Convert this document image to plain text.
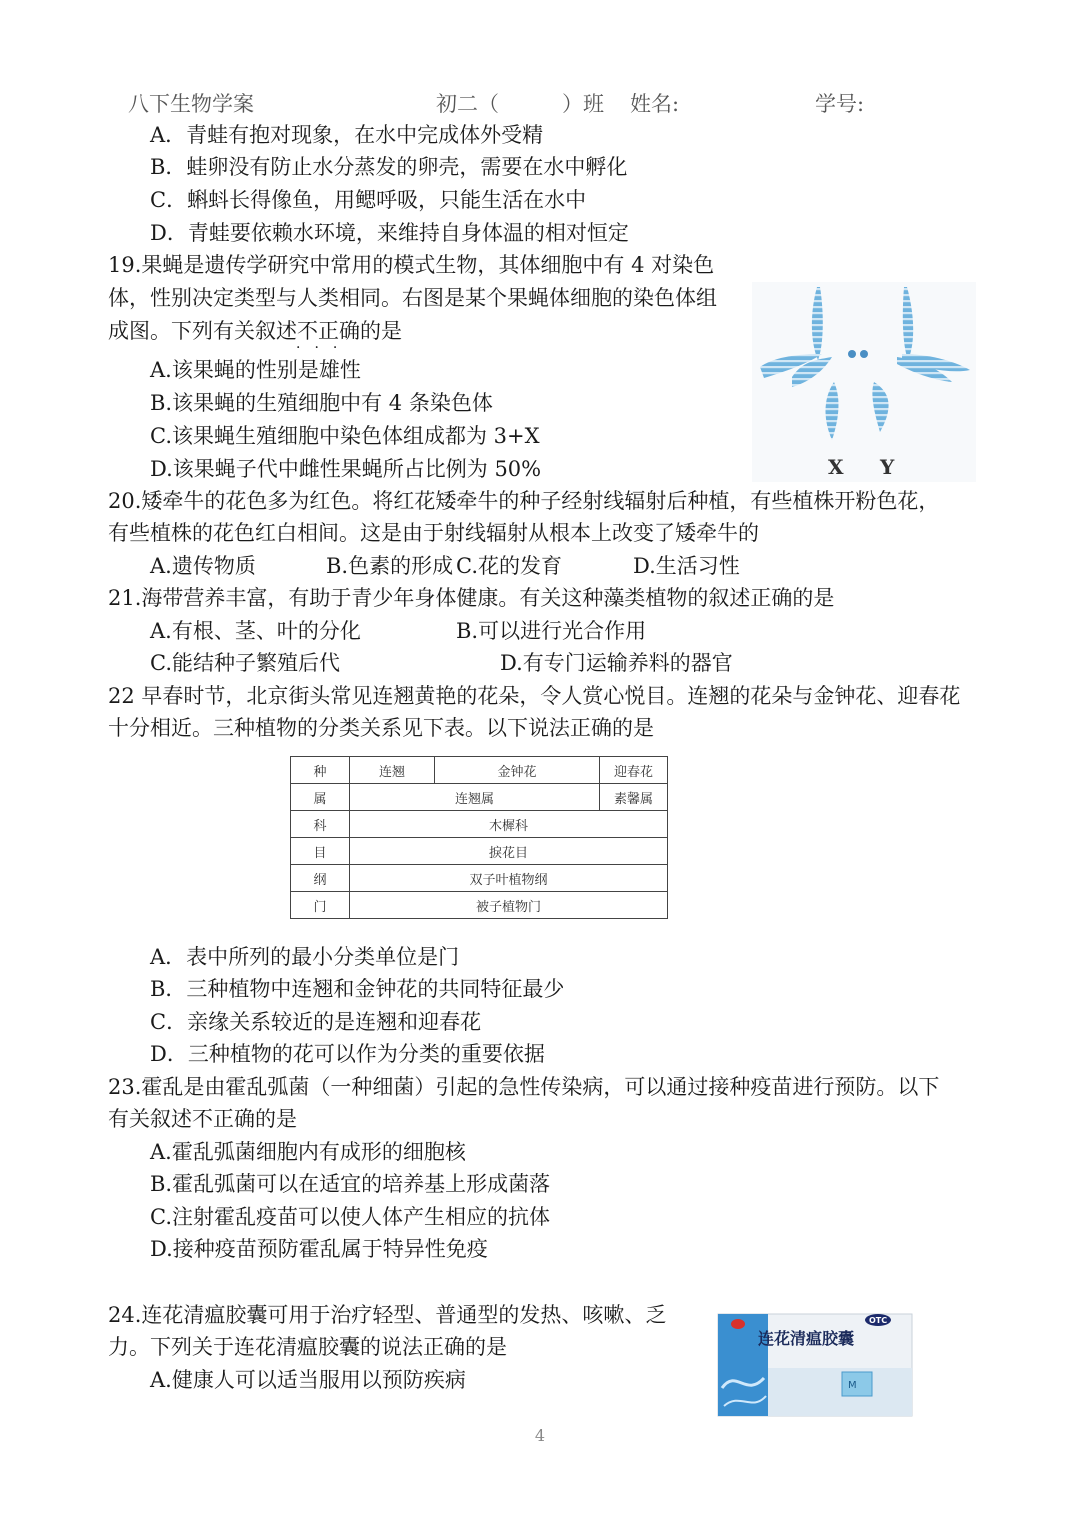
八下生物学案	初二（　　　）班 姓名:	学号:
A．青蛙有抱对现象，在水中完成体外受精
B．蛙卵没有防止水分蒸发的卵壳，需要在水中孵化
C．蝌蚪长得像鱼，用鳃呼吸，只能生活在水中
D．青蛙要依赖水环境，来维持自身体温的相对恒定
19.果蝇是遗传学研究中常用的模式生物，其体细胞中有 4 对染色
体，性别决定类型与人类相同。右图是某个果蝇体细胞的染色体组
成图。下列有关叙述不正确的是
···
A.该果蝇的性别是雄性
B.该果蝇的生殖细胞中有 4 条染色体
C.该果蝇生殖细胞中染色体组成都为 3+X
D.该果蝇子代中雌性果蝇所占比例为 50%	X Y
20.矮牵牛的花色多为红色。将红花矮牵牛的种子经射线辐射后种植，有些植株开粉色花，
有些植株的花色红白相间。这是由于射线辐射从根本上改变了矮牵牛的
A.遗传物质	B.色素的形成 C.花的发育	D.生活习性
21.海带营养丰富，有助于青少年身体健康。有关这种藻类植物的叙述正确的是
A.有根、茎、叶的分化	B.可以进行光合作用
C.能结种子繁殖后代	D.有专门运输养料的器官
22 早春时节，北京街头常见连翘黄艳的花朵，令人赏心悦目。连翘的花朵与金钟花、迎春花
十分相近。三种植物的分类关系见下表。以下说法正确的是
种	连翘	金钟花	迎春花
属	连翘属		素馨属
科	木樨科		
目	捩花目		
纲	双子叶植物纲		
门	被子植物门		
A．表中所列的最小分类单位是门
B．三种植物中连翘和金钟花的共同特征最少
C．亲缘关系较近的是连翘和迎春花
D．三种植物的花可以作为分类的重要依据
23.霍乱是由霍乱弧菌（一种细菌）引起的急性传染病，可以通过接种疫苗进行预防。以下
有关叙述不正确的是
A.霍乱弧菌细胞内有成形的细胞核
B.霍乱弧菌可以在适宜的培养基上形成菌落
C.注射霍乱疫苗可以使人体产生相应的抗体
D.接种疫苗预防霍乱属于特异性免疫
24.连花清瘟胶囊可用于治疗轻型、普通型的发热、咳嗽、乏
力。下列关于连花清瘟胶囊的说法正确的是
A.健康人可以适当服用以预防疾病
OTC
连花清瘟胶囊
M
4
